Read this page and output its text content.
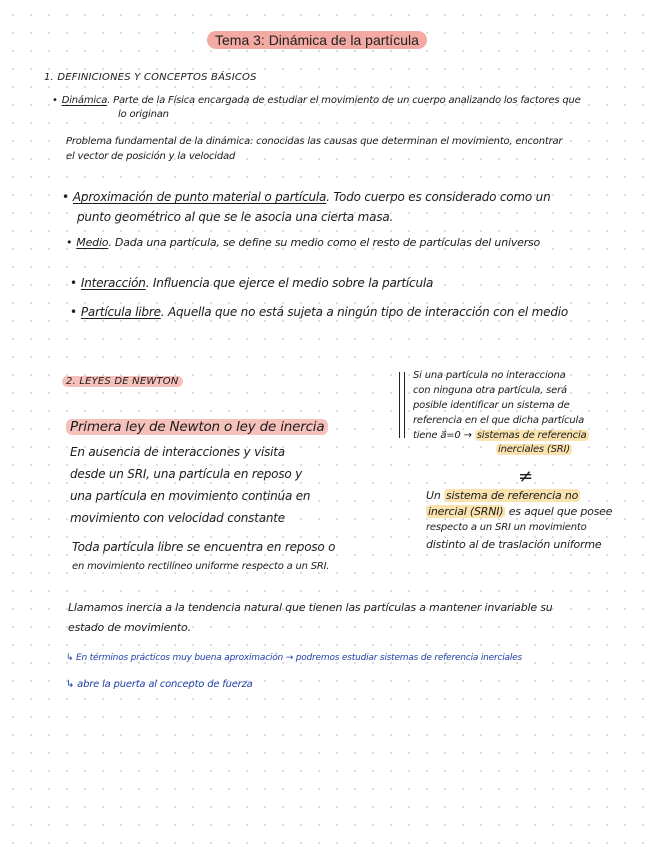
Tema 3: Dinámica de la partícula
1. DEFINICIONES Y CONCEPTOS BÁSICOS
• Dinámica. Parte de la Física encargada de estudiar el movimiento de un cuerpo analizando los factores que
lo originan
Problema fundamental de la dinámica: conocidas las causas que determinan el movimiento, encontrar
el vector de posición y la velocidad
• Aproximación de punto material o partícula. Todo cuerpo es considerado como un
punto geométrico al que se le asocia una cierta masa.
• Medio. Dada una partícula, se define su medio como el resto de partículas del universo
• Interacción. Influencia que ejerce el medio sobre la partícula
• Partícula libre. Aquella que no está sujeta a ningún tipo de interacción con el medio
2. LEYES DE NEWTON
Primera ley de Newton o ley de inercia
En ausencia de interacciones y visita
desde un SRI, una partícula en reposo y
una partícula en movimiento continúa en
movimiento con velocidad constante
Toda partícula libre se encuentra en reposo o
en movimiento rectilíneo uniforme respecto a un SRI.
Si una partícula no interacciona
con ninguna otra partícula, será
posible identificar un sistema de
referencia en el que dicha partícula
tiene a⃗=0 → sistemas de referencia
inerciales (SRI)
≠
Un sistema de referencia no
inercial (SRNI) es aquel que posee
respecto a un SRI un movimiento
distinto al de traslación uniforme
Llamamos inercia a la tendencia natural que tienen las partículas a mantener invariable su
estado de movimiento.
↳ En términos prácticos muy buena aproximación → podremos estudiar sistemas de referencia inerciales
↳ abre la puerta al concepto de fuerza
